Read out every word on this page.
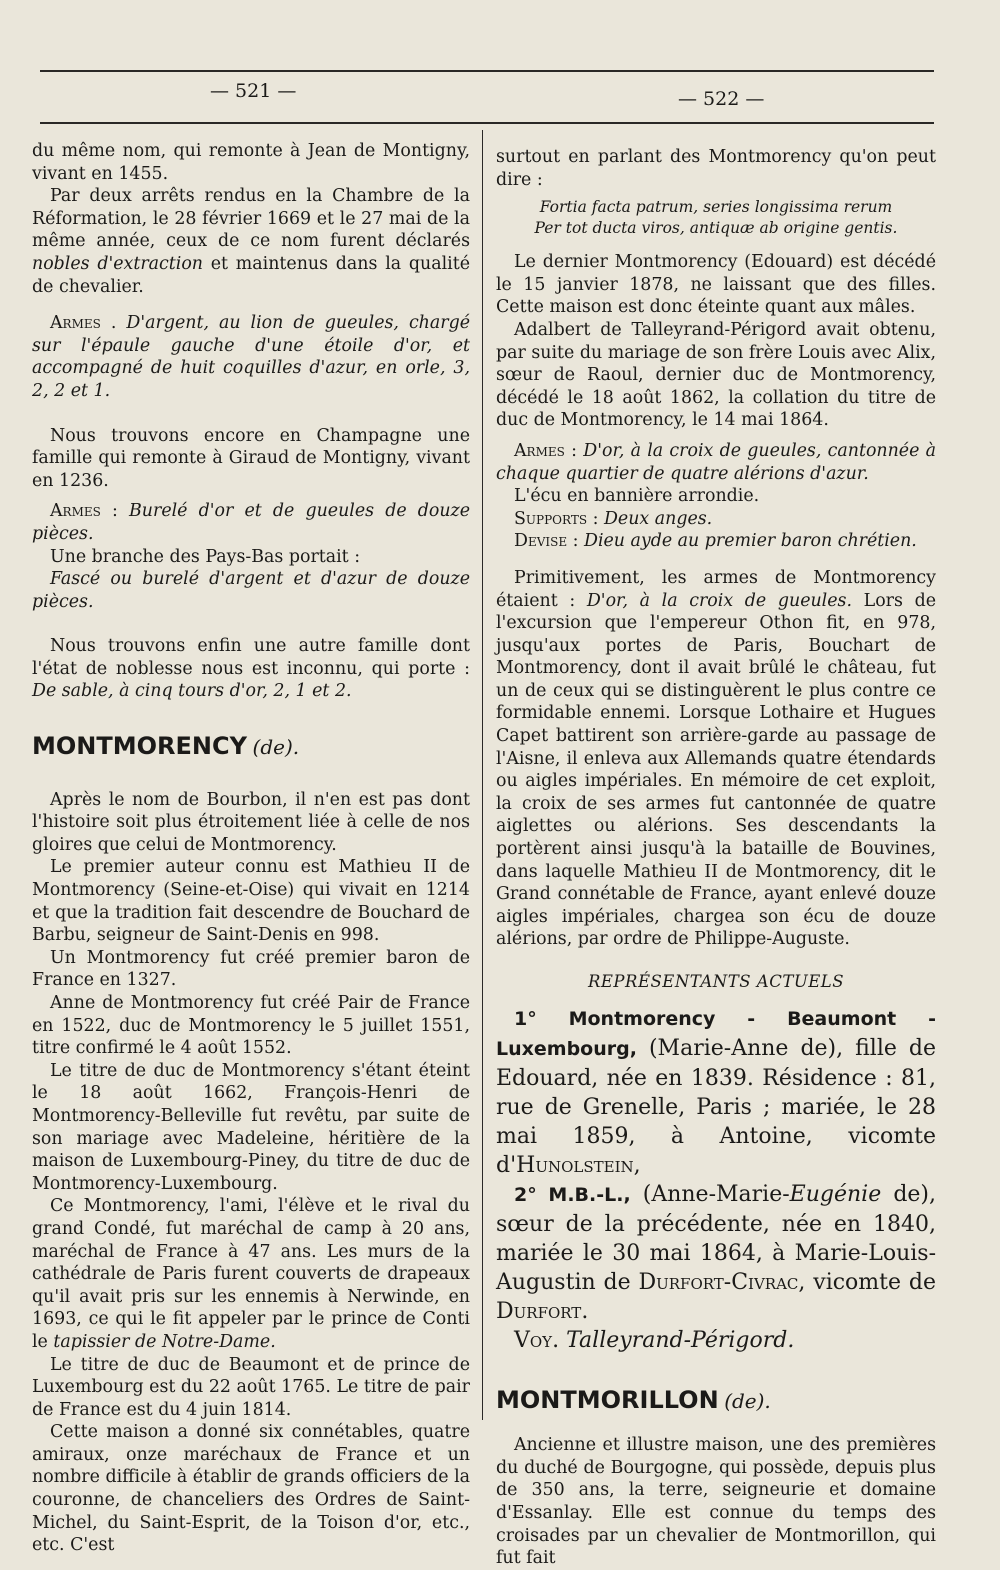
— 521 —	— 522 —

du même nom, qui remonte à Jean de Montigny, vivant en 1455.

Par deux arrêts rendus en la Chambre de la Réformation, le 28 février 1669 et le 27 mai de la même année, ceux de ce nom furent déclarés nobles d'extraction et maintenus dans la qualité de chevalier.

Armes . D'argent, au lion de gueules, chargé sur l'épaule gauche d'une étoile d'or, et accompagné de huit coquilles d'azur, en orle, 3, 2, 2 et 1.

Nous trouvons encore en Champagne une famille qui remonte à Giraud de Montigny, vivant en 1236.

Armes : Burelé d'or et de gueules de douze pièces.

Une branche des Pays-Bas portait :

Fascé ou burelé d'argent et d'azur de douze pièces.

Nous trouvons enfin une autre famille dont l'état de noblesse nous est inconnu, qui porte : De sable, à cinq tours d'or, 2, 1 et 2.

MONTMORENCY (de).

Après le nom de Bourbon, il n'en est pas dont l'histoire soit plus étroitement liée à celle de nos gloires que celui de Montmorency.

Le premier auteur connu est Mathieu II de Montmorency (Seine-et-Oise) qui vivait en 1214 et que la tradition fait descendre de Bouchard de Barbu, seigneur de Saint-Denis en 998.

Un Montmorency fut créé premier baron de France en 1327.

Anne de Montmorency fut créé Pair de France en 1522, duc de Montmorency le 5 juillet 1551, titre confirmé le 4 août 1552.

Le titre de duc de Montmorency s'étant éteint le 18 août 1662, François-Henri de Montmorency-Belleville fut revêtu, par suite de son mariage avec Madeleine, héritière de la maison de Luxembourg-Piney, du titre de duc de Montmorency-Luxembourg.

Ce Montmorency, l'ami, l'élève et le rival du grand Condé, fut maréchal de camp à 20 ans, maréchal de France à 47 ans. Les murs de la cathédrale de Paris furent couverts de drapeaux qu'il avait pris sur les ennemis à Nerwinde, en 1693, ce qui le fit appeler par le prince de Conti le tapissier de Notre-Dame.

Le titre de duc de Beaumont et de prince de Luxembourg est du 22 août 1765. Le titre de pair de France est du 4 juin 1814.

Cette maison a donné six connétables, quatre amiraux, onze maréchaux de France et un nombre difficile à établir de grands officiers de la couronne, de chanceliers des Ordres de Saint-Michel, du Saint-Esprit, de la Toison d'or, etc., etc. C'est

surtout en parlant des Montmorency qu'on peut dire :

Fortia facta patrum, series longissima rerum

Per tot ducta viros, antiquæ ab origine gentis.

Le dernier Montmorency (Edouard) est décédé le 15 janvier 1878, ne laissant que des filles. Cette maison est donc éteinte quant aux mâles.

Adalbert de Talleyrand-Périgord avait obtenu, par suite du mariage de son frère Louis avec Alix, sœur de Raoul, dernier duc de Montmorency, décédé le 18 août 1862, la collation du titre de duc de Montmorency, le 14 mai 1864.

Armes : D'or, à la croix de gueules, cantonnée à chaque quartier de quatre alérions d'azur.

L'écu en bannière arrondie.

Supports : Deux anges.

Devise : Dieu ayde au premier baron chrétien.

Primitivement, les armes de Montmorency étaient : D'or, à la croix de gueules. Lors de l'excursion que l'empereur Othon fit, en 978, jusqu'aux portes de Paris, Bouchart de Montmorency, dont il avait brûlé le château, fut un de ceux qui se distinguèrent le plus contre ce formidable ennemi. Lorsque Lothaire et Hugues Capet battirent son arrière-garde au passage de l'Aisne, il enleva aux Allemands quatre étendards ou aigles impériales. En mémoire de cet exploit, la croix de ses armes fut cantonnée de quatre aiglettes ou alérions. Ses descendants la portèrent ainsi jusqu'à la bataille de Bouvines, dans laquelle Mathieu II de Montmorency, dit le Grand connétable de France, ayant enlevé douze aigles impériales, chargea son écu de douze alérions, par ordre de Philippe-Auguste.

REPRÉSENTANTS ACTUELS

1° Montmorency - Beaumont - Luxembourg, (Marie-Anne de), fille de Edouard, née en 1839. Résidence : 81, rue de Grenelle, Paris ; mariée, le 28 mai 1859, à Antoine, vicomte d'Hunolstein,

2° M.B.-L., (Anne-Marie-Eugénie de), sœur de la précédente, née en 1840, mariée le 30 mai 1864, à Marie-Louis-Augustin de Durfort-Civrac, vicomte de Durfort.

Voy. Talleyrand-Périgord.

MONTMORILLON (de).

Ancienne et illustre maison, une des premières du duché de Bourgogne, qui possède, depuis plus de 350 ans, la terre, seigneurie et domaine d'Essanlay. Elle est connue du temps des croisades par un chevalier de Montmorillon, qui fut fait
